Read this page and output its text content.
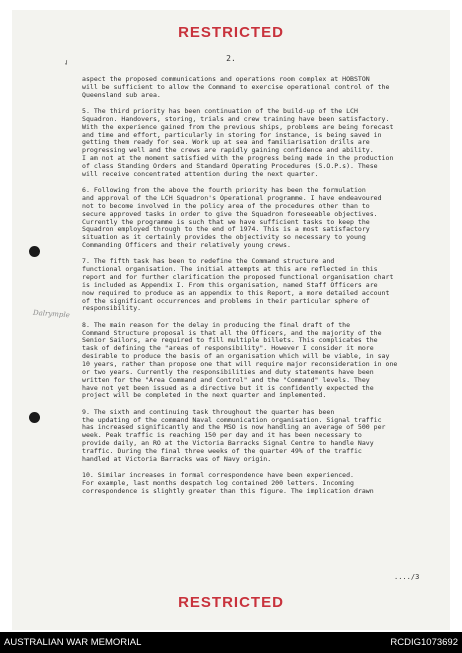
RESTRICTED
✓	2.

aspect the proposed communications and operations room complex at HOBSTON
will be sufficient to allow the Command to exercise operational control of the
Queensland sub area.

5. The third priority has been continuation of the build-up of the LCH
Squadron. Handovers, storing, trials and crew training have been satisfactory.
With the experience gained from the previous ships, problems are being forecast
and time and effort, particularly in storing for instance, is being saved in
getting them ready for sea. Work up at sea and familiarisation drills are
progressing well and the crews are rapidly gaining confidence and ability.
I am not at the moment satisfied with the progress being made in the production
of class Standing Orders and Standard Operating Procedures (S.O.P.s). These
will receive concentrated attention during the next quarter.

6. Following from the above the fourth priority has been the formulation
and approval of the LCH Squadron's Operational programme. I have endeavoured
not to become involved in the policy area of the procedures other than to
secure approved tasks in order to give the Squadron foreseeable objectives.
Currently the programme is such that we have sufficient tasks to keep the
Squadron employed through to the end of 1974. This is a most satisfactory
situation as it certainly provides the objectivity so necessary to young
Commanding Officers and their relatively young crews.

7. The fifth task has been to redefine the Command structure and
functional organisation. The initial attempts at this are reflected in this
report and for further clarification the proposed functional organisation chart
is included as Appendix I. From this organisation, named Staff Officers are
now required to produce as an appendix to this Report, a more detailed account
of the significant occurrences and problems in their particular sphere of
responsibility.

8. The main reason for the delay in producing the final draft of the
Command Structure proposal is that all the Officers, and the majority of the
Senior Sailors, are required to fill multiple billets. This complicates the
task of defining the "areas of responsibility". However I consider it more
desirable to produce the basis of an organisation which will be viable, in say
10 years, rather than propose one that will require major reconsideration in one
or two years. Currently the responsibilities and duty statements have been
written for the "Area Command and Control" and the "Command" levels. They
have not yet been issued as a directive but it is confidently expected the
project will be completed in the next quarter and implemented.

9. The sixth and continuing task throughout the quarter has been
the updating of the command Naval communication organisation. Signal traffic
has increased significantly and the MSO is now handling an average of 500 per
week. Peak traffic is reaching 150 per day and it has been necessary to
provide daily, an RO at the Victoria Barracks Signal Centre to handle Navy
traffic. During the final three weeks of the quarter 49% of the traffic
handled at Victoria Barracks was of Navy origin.

10. Similar increases in formal correspondence have been experienced.
For example, last months despatch log contained 200 letters. Incoming
correspondence is slightly greater than this figure. The implication drawn

..../3
RESTRICTED
Dalrymple
AUSTRALIAN WAR MEMORIAL	RCDIG1073692
